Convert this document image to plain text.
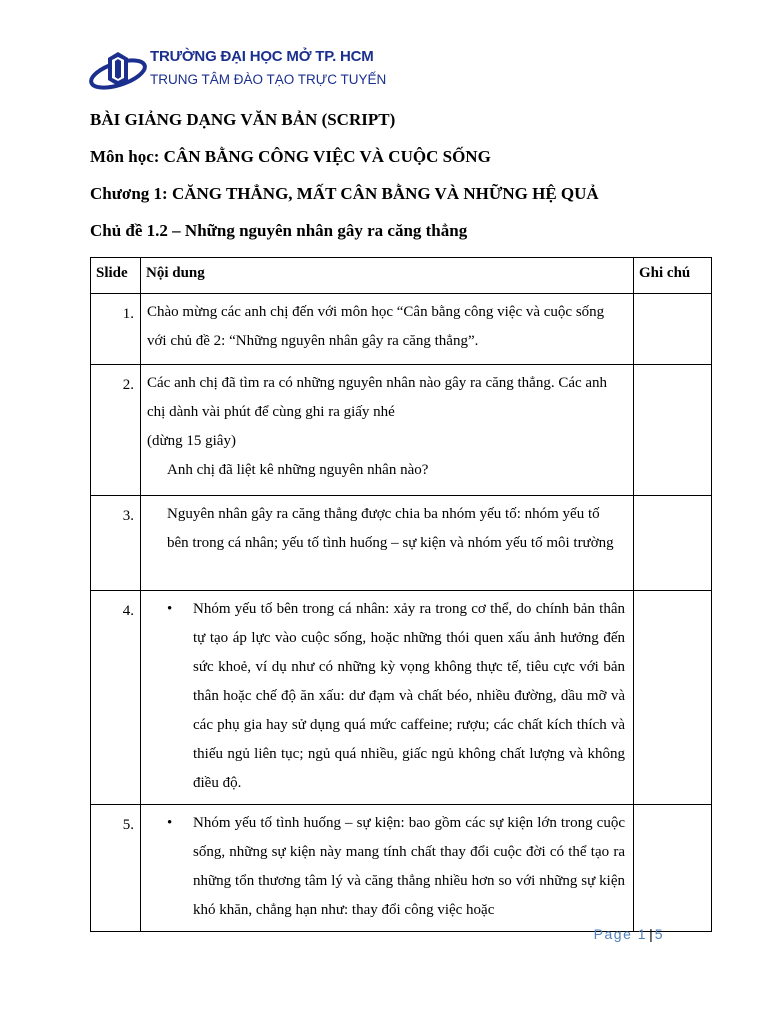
TRƯỜNG ĐẠI HỌC MỞ TP. HCM
TRUNG TÂM ĐÀO TẠO TRỰC TUYẾN
BÀI GIẢNG DẠNG VĂN BẢN (SCRIPT)
Môn học: CÂN BẰNG CÔNG VIỆC VÀ CUỘC SỐNG
Chương 1: CĂNG THẲNG, MẤT CÂN BẰNG VÀ NHỮNG HỆ QUẢ
Chủ đề 1.2 – Những nguyên nhân gây ra căng thẳng
Slide	Nội dung	Ghi chú
1.	Chào mừng các anh chị đến với môn học “Cân bằng công việc và cuộc sống với chủ đề 2: “Những nguyên nhân gây ra căng thẳng”.	

2.	Các anh chị đã tìm ra có những nguyên nhân nào gây ra căng thẳng. Các anh chị dành vài phút để cùng ghi ra giấy nhé
(dừng 15 giây)
Anh chị đã liệt kê những nguyên nhân nào?	

3.	Nguyên nhân gây ra căng thẳng được chia ba nhóm yếu tố: nhóm yếu tố bên trong cá nhân; yếu tố tình huống – sự kiện và nhóm yếu tố môi trường	

4.	• Nhóm yếu tố bên trong cá nhân: xảy ra trong cơ thể, do chính bản thân tự tạo áp lực vào cuộc sống, hoặc những thói quen xấu ảnh hưởng đến sức khoẻ, ví dụ như có những kỳ vọng không thực tế, tiêu cực với bản thân hoặc chế độ ăn xấu: dư đạm và chất béo, nhiều đường, dầu mỡ và các phụ gia hay sử dụng quá mức caffeine; rượu; các chất kích thích và thiếu ngủ liên tục; ngủ quá nhiều, giấc ngủ không chất lượng và không điều độ.	

5.	• Nhóm yếu tố tình huống – sự kiện: bao gồm các sự kiện lớn trong cuộc sống, những sự kiện này mang tính chất thay đổi cuộc đời có thể tạo ra những tổn thương tâm lý và căng thẳng nhiều hơn so với những sự kiện khó khăn, chẳng hạn như: thay đổi công việc hoặc	

Page 1 | 5
